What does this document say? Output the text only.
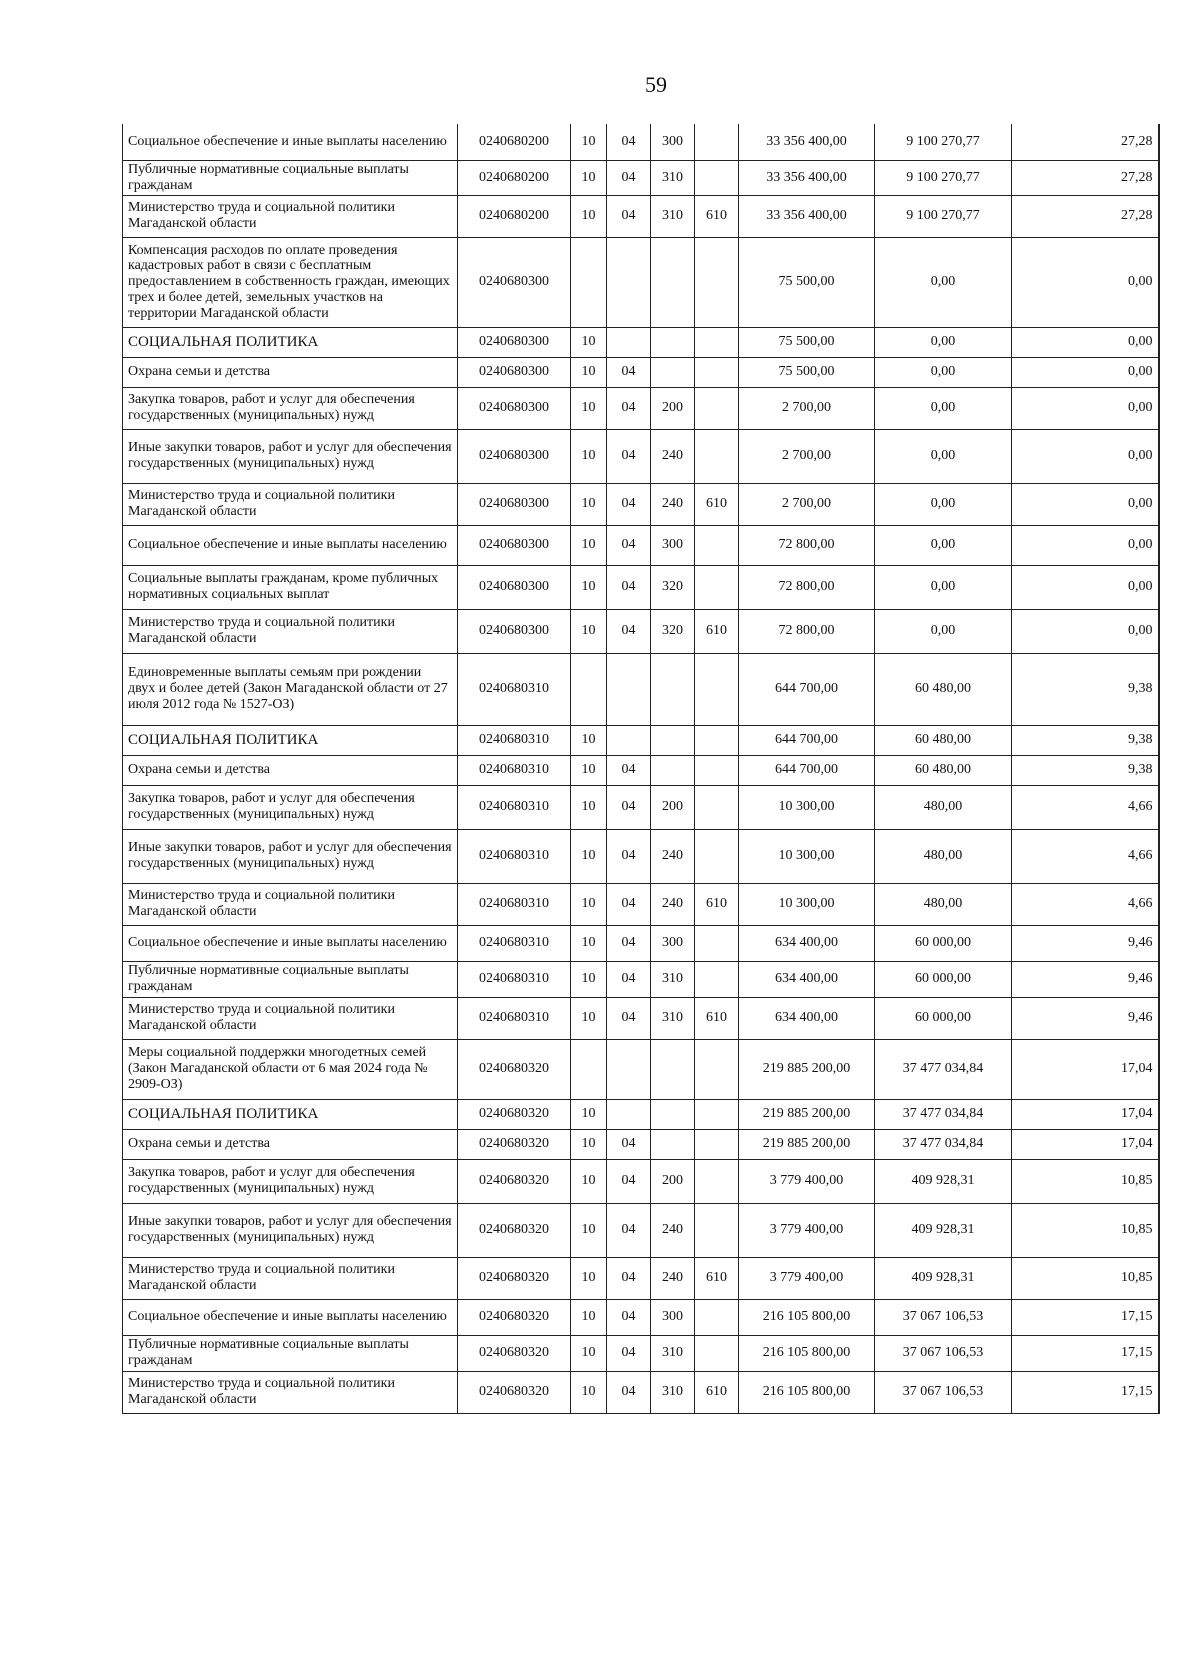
59
Социальное обеспечение и иные выплаты населению	0240680200	10	04	300		33 356 400,00	9 100 270,77	27,28
Публичные нормативные социальные выплаты гражданам	0240680200	10	04	310		33 356 400,00	9 100 270,77	27,28
Министерство труда и социальной политики Магаданской области	0240680200	10	04	310	610	33 356 400,00	9 100 270,77	27,28
Компенсация расходов по оплате проведения кадастровых работ в связи с бесплатным предоставлением в собственность граждан, имеющих трех и более детей, земельных участков на территории Магаданской области	0240680300					75 500,00	0,00	0,00
СОЦИАЛЬНАЯ ПОЛИТИКА	0240680300	10				75 500,00	0,00	0,00
Охрана семьи и детства	0240680300	10	04			75 500,00	0,00	0,00
Закупка товаров, работ и услуг для обеспечения государственных (муниципальных) нужд	0240680300	10	04	200		2 700,00	0,00	0,00
Иные закупки товаров, работ и услуг для обеспечения государственных (муниципальных) нужд	0240680300	10	04	240		2 700,00	0,00	0,00
Министерство труда и социальной политики Магаданской области	0240680300	10	04	240	610	2 700,00	0,00	0,00
Социальное обеспечение и иные выплаты населению	0240680300	10	04	300		72 800,00	0,00	0,00
Социальные выплаты гражданам, кроме публичных нормативных социальных выплат	0240680300	10	04	320		72 800,00	0,00	0,00
Министерство труда и социальной политики Магаданской области	0240680300	10	04	320	610	72 800,00	0,00	0,00
Единовременные выплаты семьям при рождении двух и более детей (Закон Магаданской области от 27 июля 2012 года № 1527-ОЗ)	0240680310					644 700,00	60 480,00	9,38
СОЦИАЛЬНАЯ ПОЛИТИКА	0240680310	10				644 700,00	60 480,00	9,38
Охрана семьи и детства	0240680310	10	04			644 700,00	60 480,00	9,38
Закупка товаров, работ и услуг для обеспечения государственных (муниципальных) нужд	0240680310	10	04	200		10 300,00	480,00	4,66
Иные закупки товаров, работ и услуг для обеспечения государственных (муниципальных) нужд	0240680310	10	04	240		10 300,00	480,00	4,66
Министерство труда и социальной политики Магаданской области	0240680310	10	04	240	610	10 300,00	480,00	4,66
Социальное обеспечение и иные выплаты населению	0240680310	10	04	300		634 400,00	60 000,00	9,46
Публичные нормативные социальные выплаты гражданам	0240680310	10	04	310		634 400,00	60 000,00	9,46
Министерство труда и социальной политики Магаданской области	0240680310	10	04	310	610	634 400,00	60 000,00	9,46
Меры социальной поддержки многодетных семей (Закон Магаданской области от 6 мая 2024 года № 2909-ОЗ)	0240680320					219 885 200,00	37 477 034,84	17,04
СОЦИАЛЬНАЯ ПОЛИТИКА	0240680320	10				219 885 200,00	37 477 034,84	17,04
Охрана семьи и детства	0240680320	10	04			219 885 200,00	37 477 034,84	17,04
Закупка товаров, работ и услуг для обеспечения государственных (муниципальных) нужд	0240680320	10	04	200		3 779 400,00	409 928,31	10,85
Иные закупки товаров, работ и услуг для обеспечения государственных (муниципальных) нужд	0240680320	10	04	240		3 779 400,00	409 928,31	10,85
Министерство труда и социальной политики Магаданской области	0240680320	10	04	240	610	3 779 400,00	409 928,31	10,85
Социальное обеспечение и иные выплаты населению	0240680320	10	04	300		216 105 800,00	37 067 106,53	17,15
Публичные нормативные социальные выплаты гражданам	0240680320	10	04	310		216 105 800,00	37 067 106,53	17,15
Министерство труда и социальной политики Магаданской области	0240680320	10	04	310	610	216 105 800,00	37 067 106,53	17,15
